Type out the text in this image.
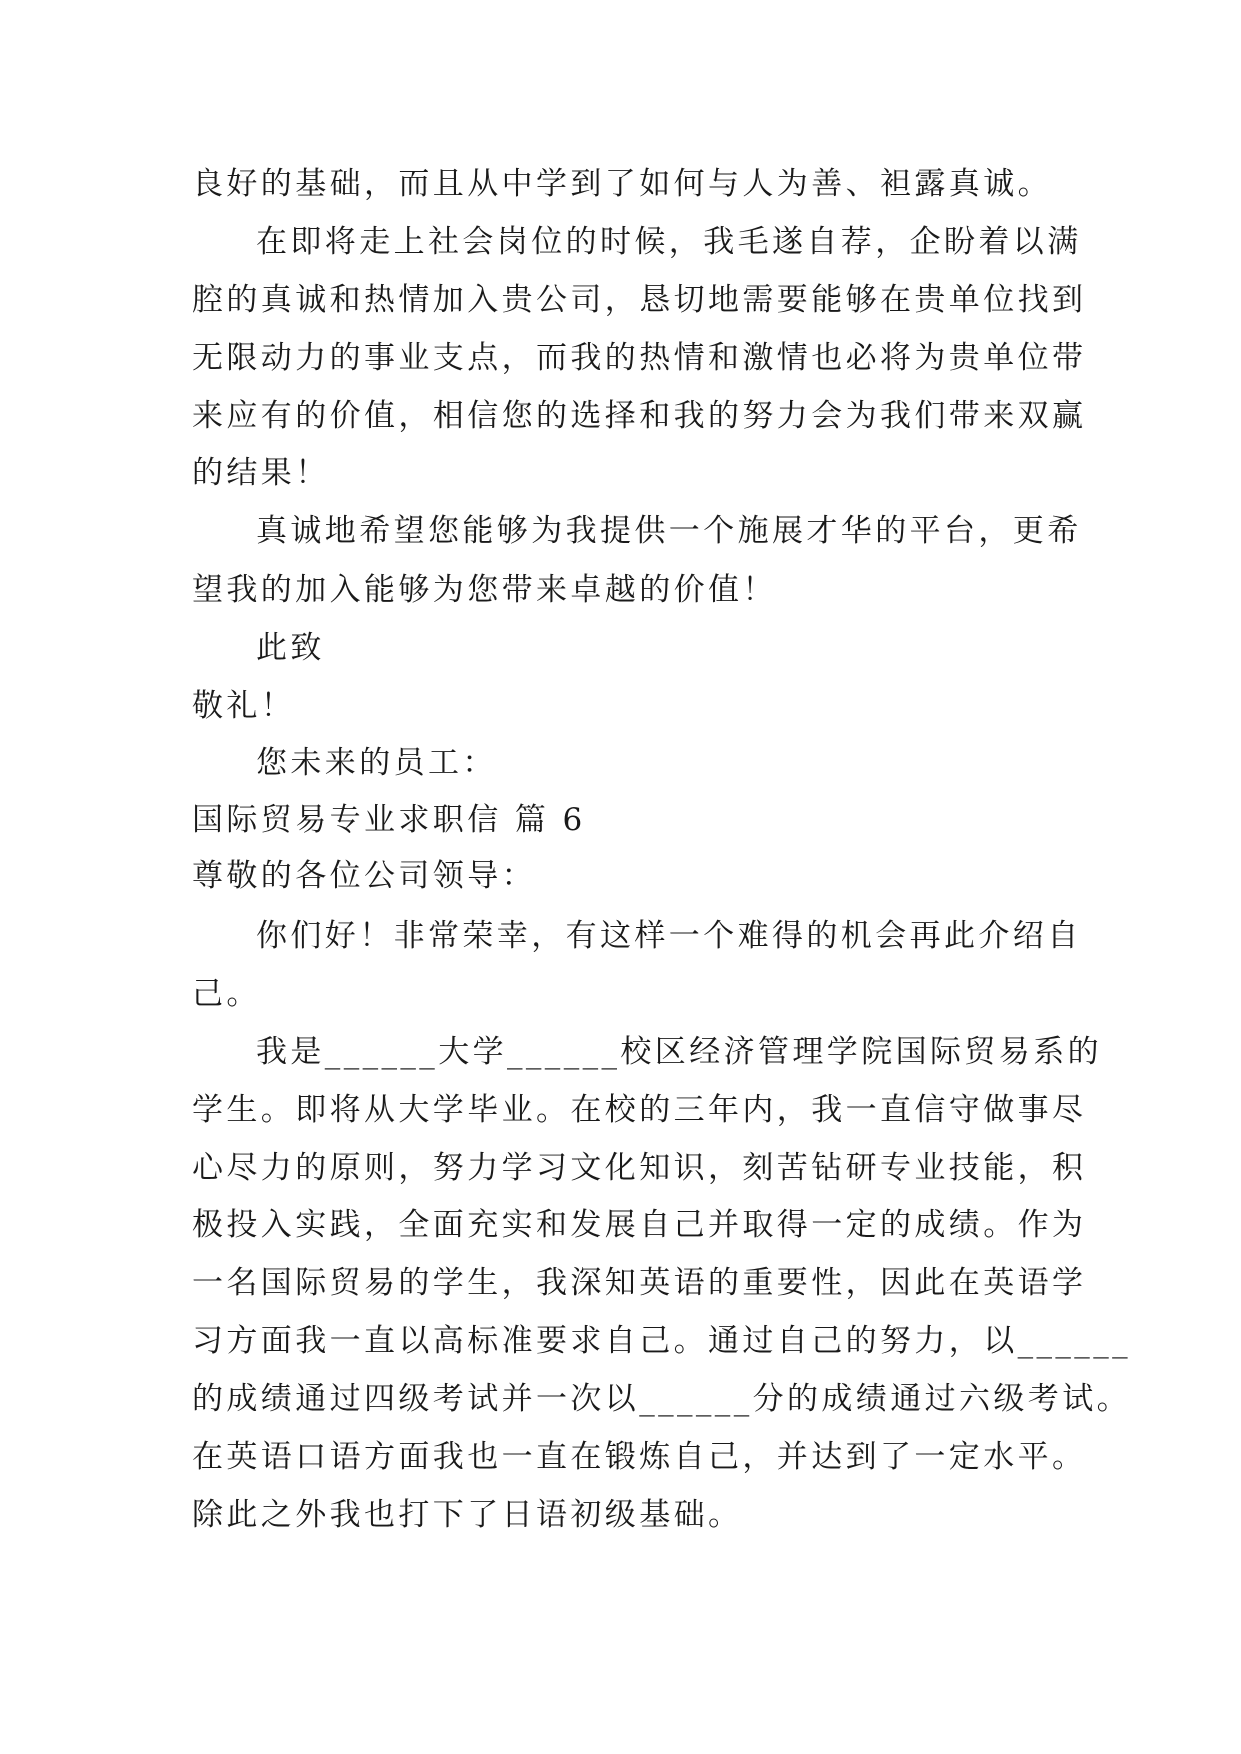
良好的基础，而且从中学到了如何与人为善、袒露真诚。
在即将走上社会岗位的时候，我毛遂自荐，企盼着以满
腔的真诚和热情加入贵公司，恳切地需要能够在贵单位找到
无限动力的事业支点，而我的热情和激情也必将为贵单位带
来应有的价值，相信您的选择和我的努力会为我们带来双赢
的结果！
真诚地希望您能够为我提供一个施展才华的平台，更希
望我的加入能够为您带来卓越的价值！
此致
敬礼！
您未来的员工：
国际贸易专业求职信 篇 6
尊敬的各位公司领导：
你们好！非常荣幸，有这样一个难得的机会再此介绍自
己。
我是______大学______校区经济管理学院国际贸易系的
学生。即将从大学毕业。在校的三年内，我一直信守做事尽
心尽力的原则，努力学习文化知识，刻苦钻研专业技能，积
极投入实践，全面充实和发展自己并取得一定的成绩。作为
一名国际贸易的学生，我深知英语的重要性，因此在英语学
习方面我一直以高标准要求自己。通过自己的努力，以______
的成绩通过四级考试并一次以______分的成绩通过六级考试。
在英语口语方面我也一直在锻炼自己，并达到了一定水平。
除此之外我也打下了日语初级基础。
